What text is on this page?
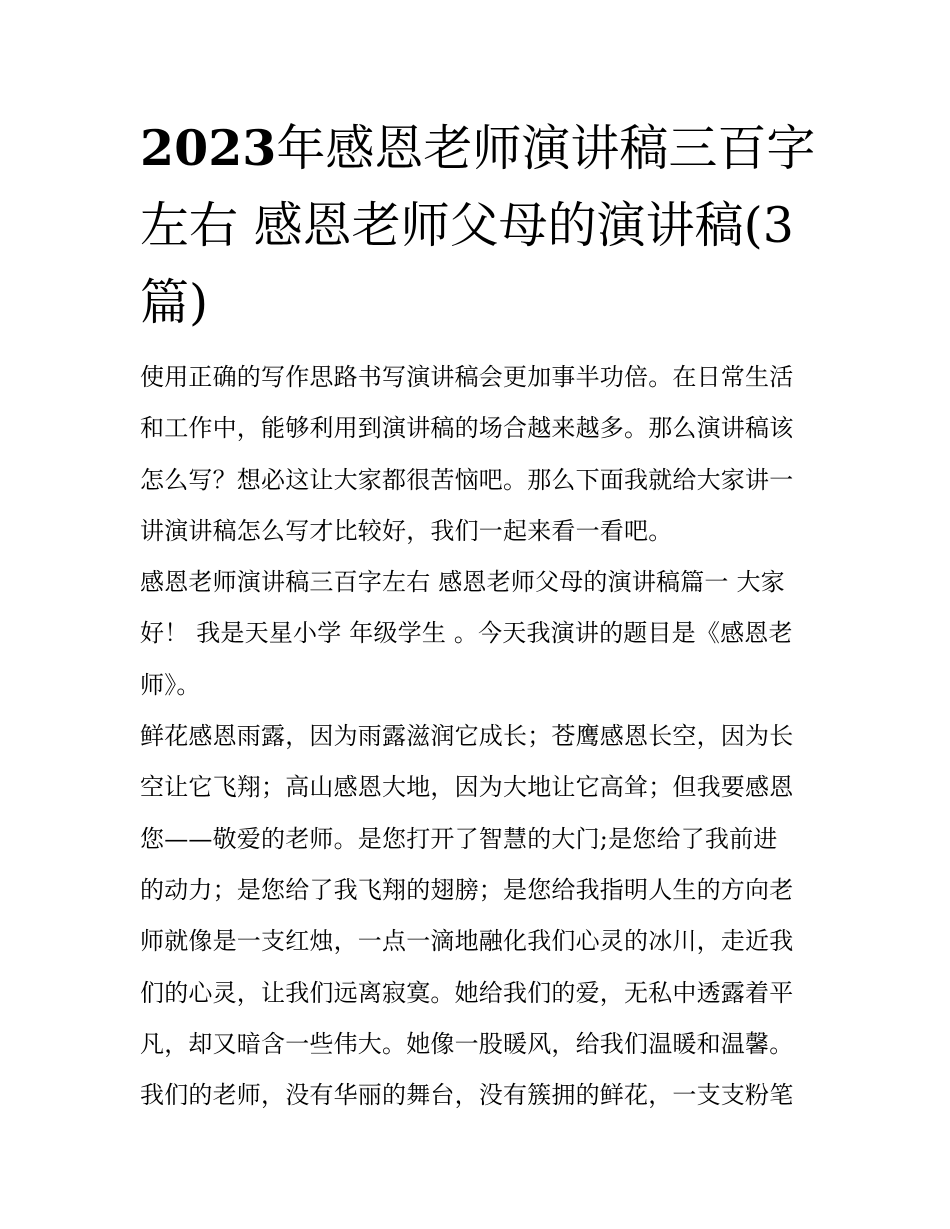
2023年感恩老师演讲稿三百字
左右 感恩老师父母的演讲稿(3
篇)
使用正确的写作思路书写演讲稿会更加事半功倍。在日常生活
和工作中，能够利用到演讲稿的场合越来越多。那么演讲稿该
怎么写？想必这让大家都很苦恼吧。那么下面我就给大家讲一
讲演讲稿怎么写才比较好，我们一起来看一看吧。
感恩老师演讲稿三百字左右 感恩老师父母的演讲稿篇一 大家
好！ 我是天星小学 年级学生 。今天我演讲的题目是《感恩老
师》。
鲜花感恩雨露，因为雨露滋润它成长；苍鹰感恩长空，因为长
空让它飞翔；高山感恩大地，因为大地让它高耸；但我要感恩
您——敬爱的老师。是您打开了智慧的大门;是您给了我前进
的动力；是您给了我飞翔的翅膀；是您给我指明人生的方向老
师就像是一支红烛，一点一滴地融化我们心灵的冰川，走近我
们的心灵，让我们远离寂寞。她给我们的爱，无私中透露着平
凡，却又暗含一些伟大。她像一股暖风，给我们温暖和温馨。
我们的老师，没有华丽的舞台，没有簇拥的鲜花，一支支粉笔
